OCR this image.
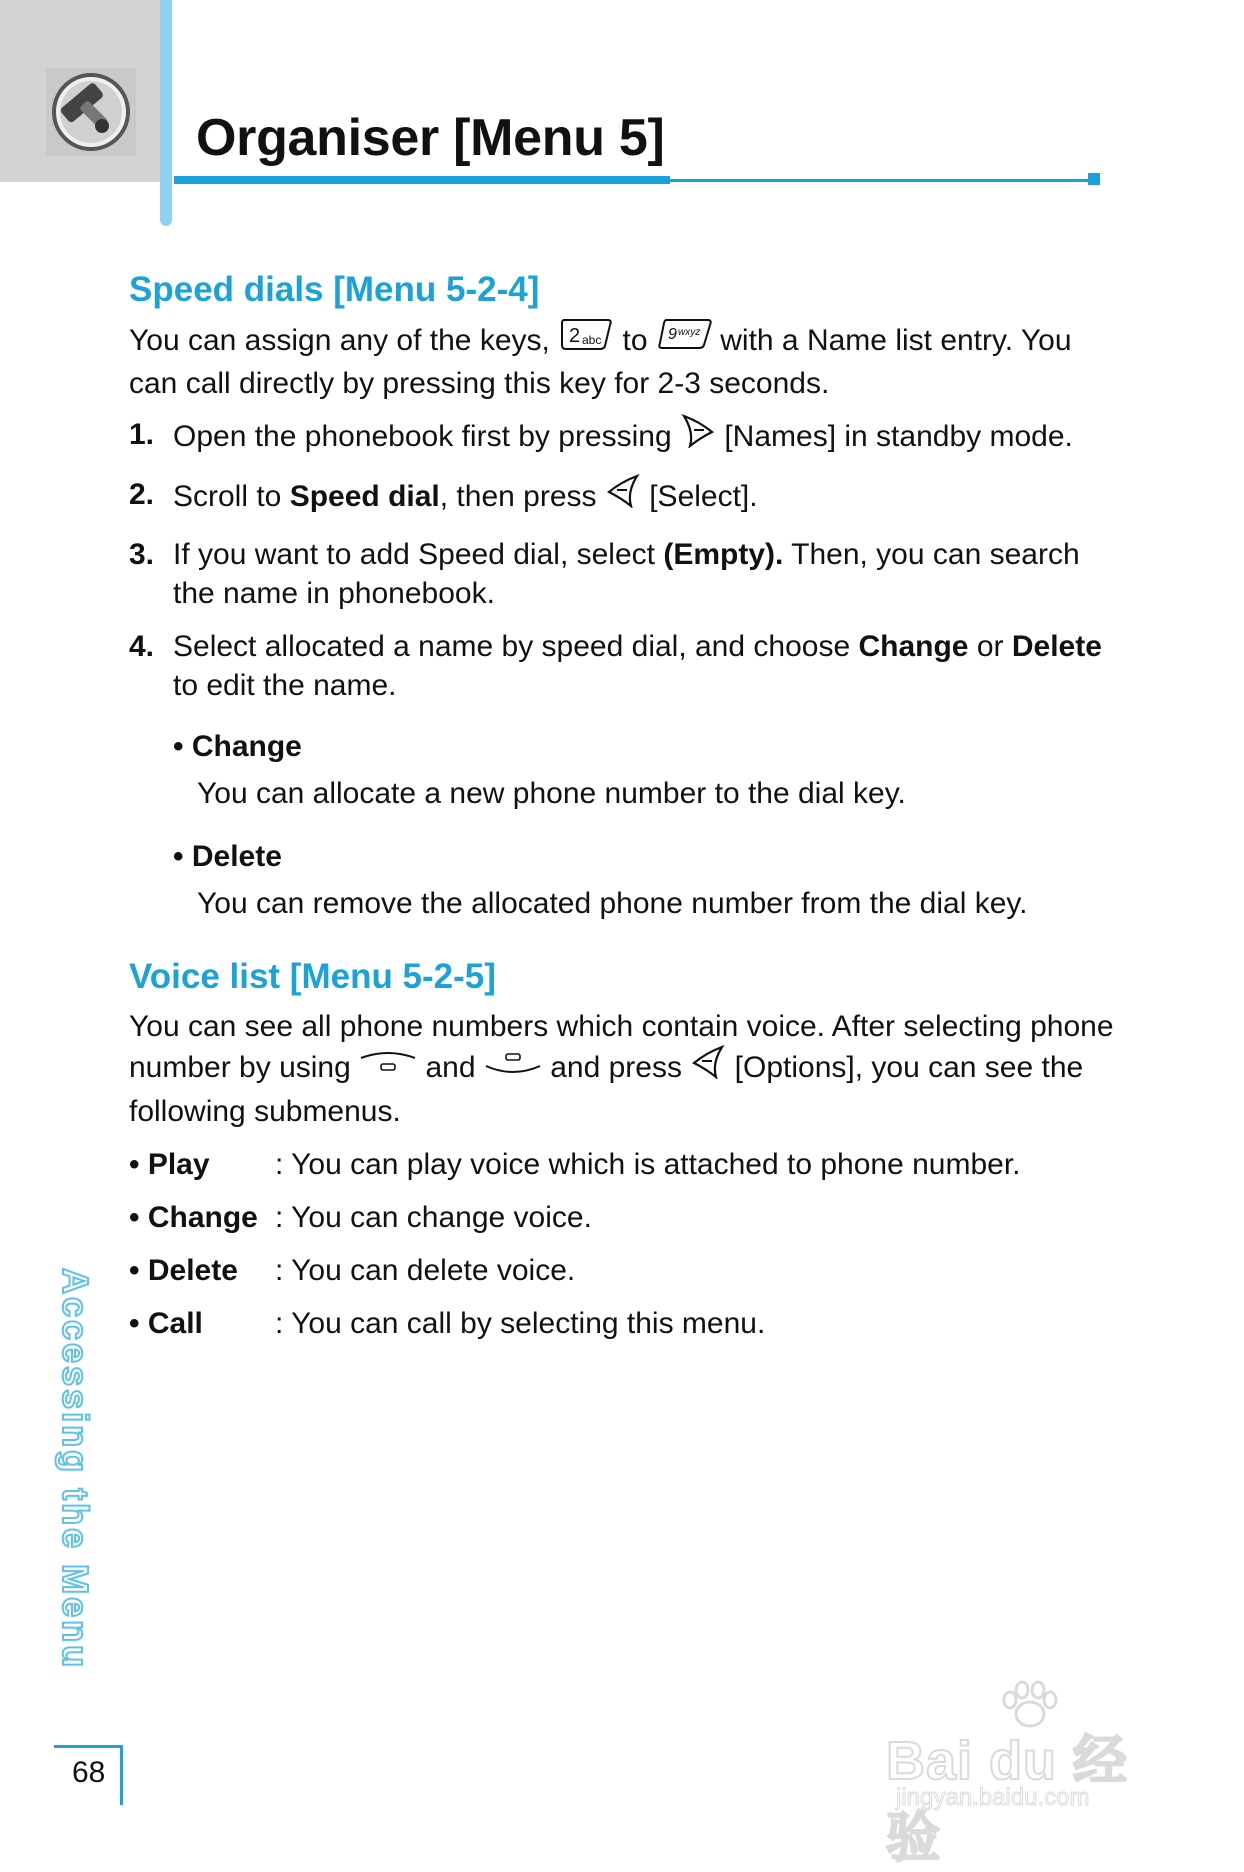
Organiser [Menu 5]
Speed dials [Menu 5-2-4]

You can assign any of the keys, 2 abc to 9 wxyz with a Name list entry. You can call directly by pressing this key for 2-3 seconds.

1. Open the phonebook first by pressing [Names] in standby mode.
2. Scroll to Speed dial, then press [Select].
3. If you want to add Speed dial, select (Empty). Then, you can search the name in phonebook.
4. Select allocated a name by speed dial, and choose Change or Delete to edit the name.

• Change

You can allocate a new phone number to the dial key.

• Delete

You can remove the allocated phone number from the dial key.

Voice list [Menu 5-2-5]

You can see all phone numbers which contain voice. After selecting phone number by using and and press [Options], you can see the following submenus.

• Play	: You can play voice which is attached to phone number.
• Change : You can change voice.
• Delete	: You can delete voice.
• Call	: You can call by selecting this menu.
Accessing the Menu
68	Bai du 经验
jingyan.baidu.com
